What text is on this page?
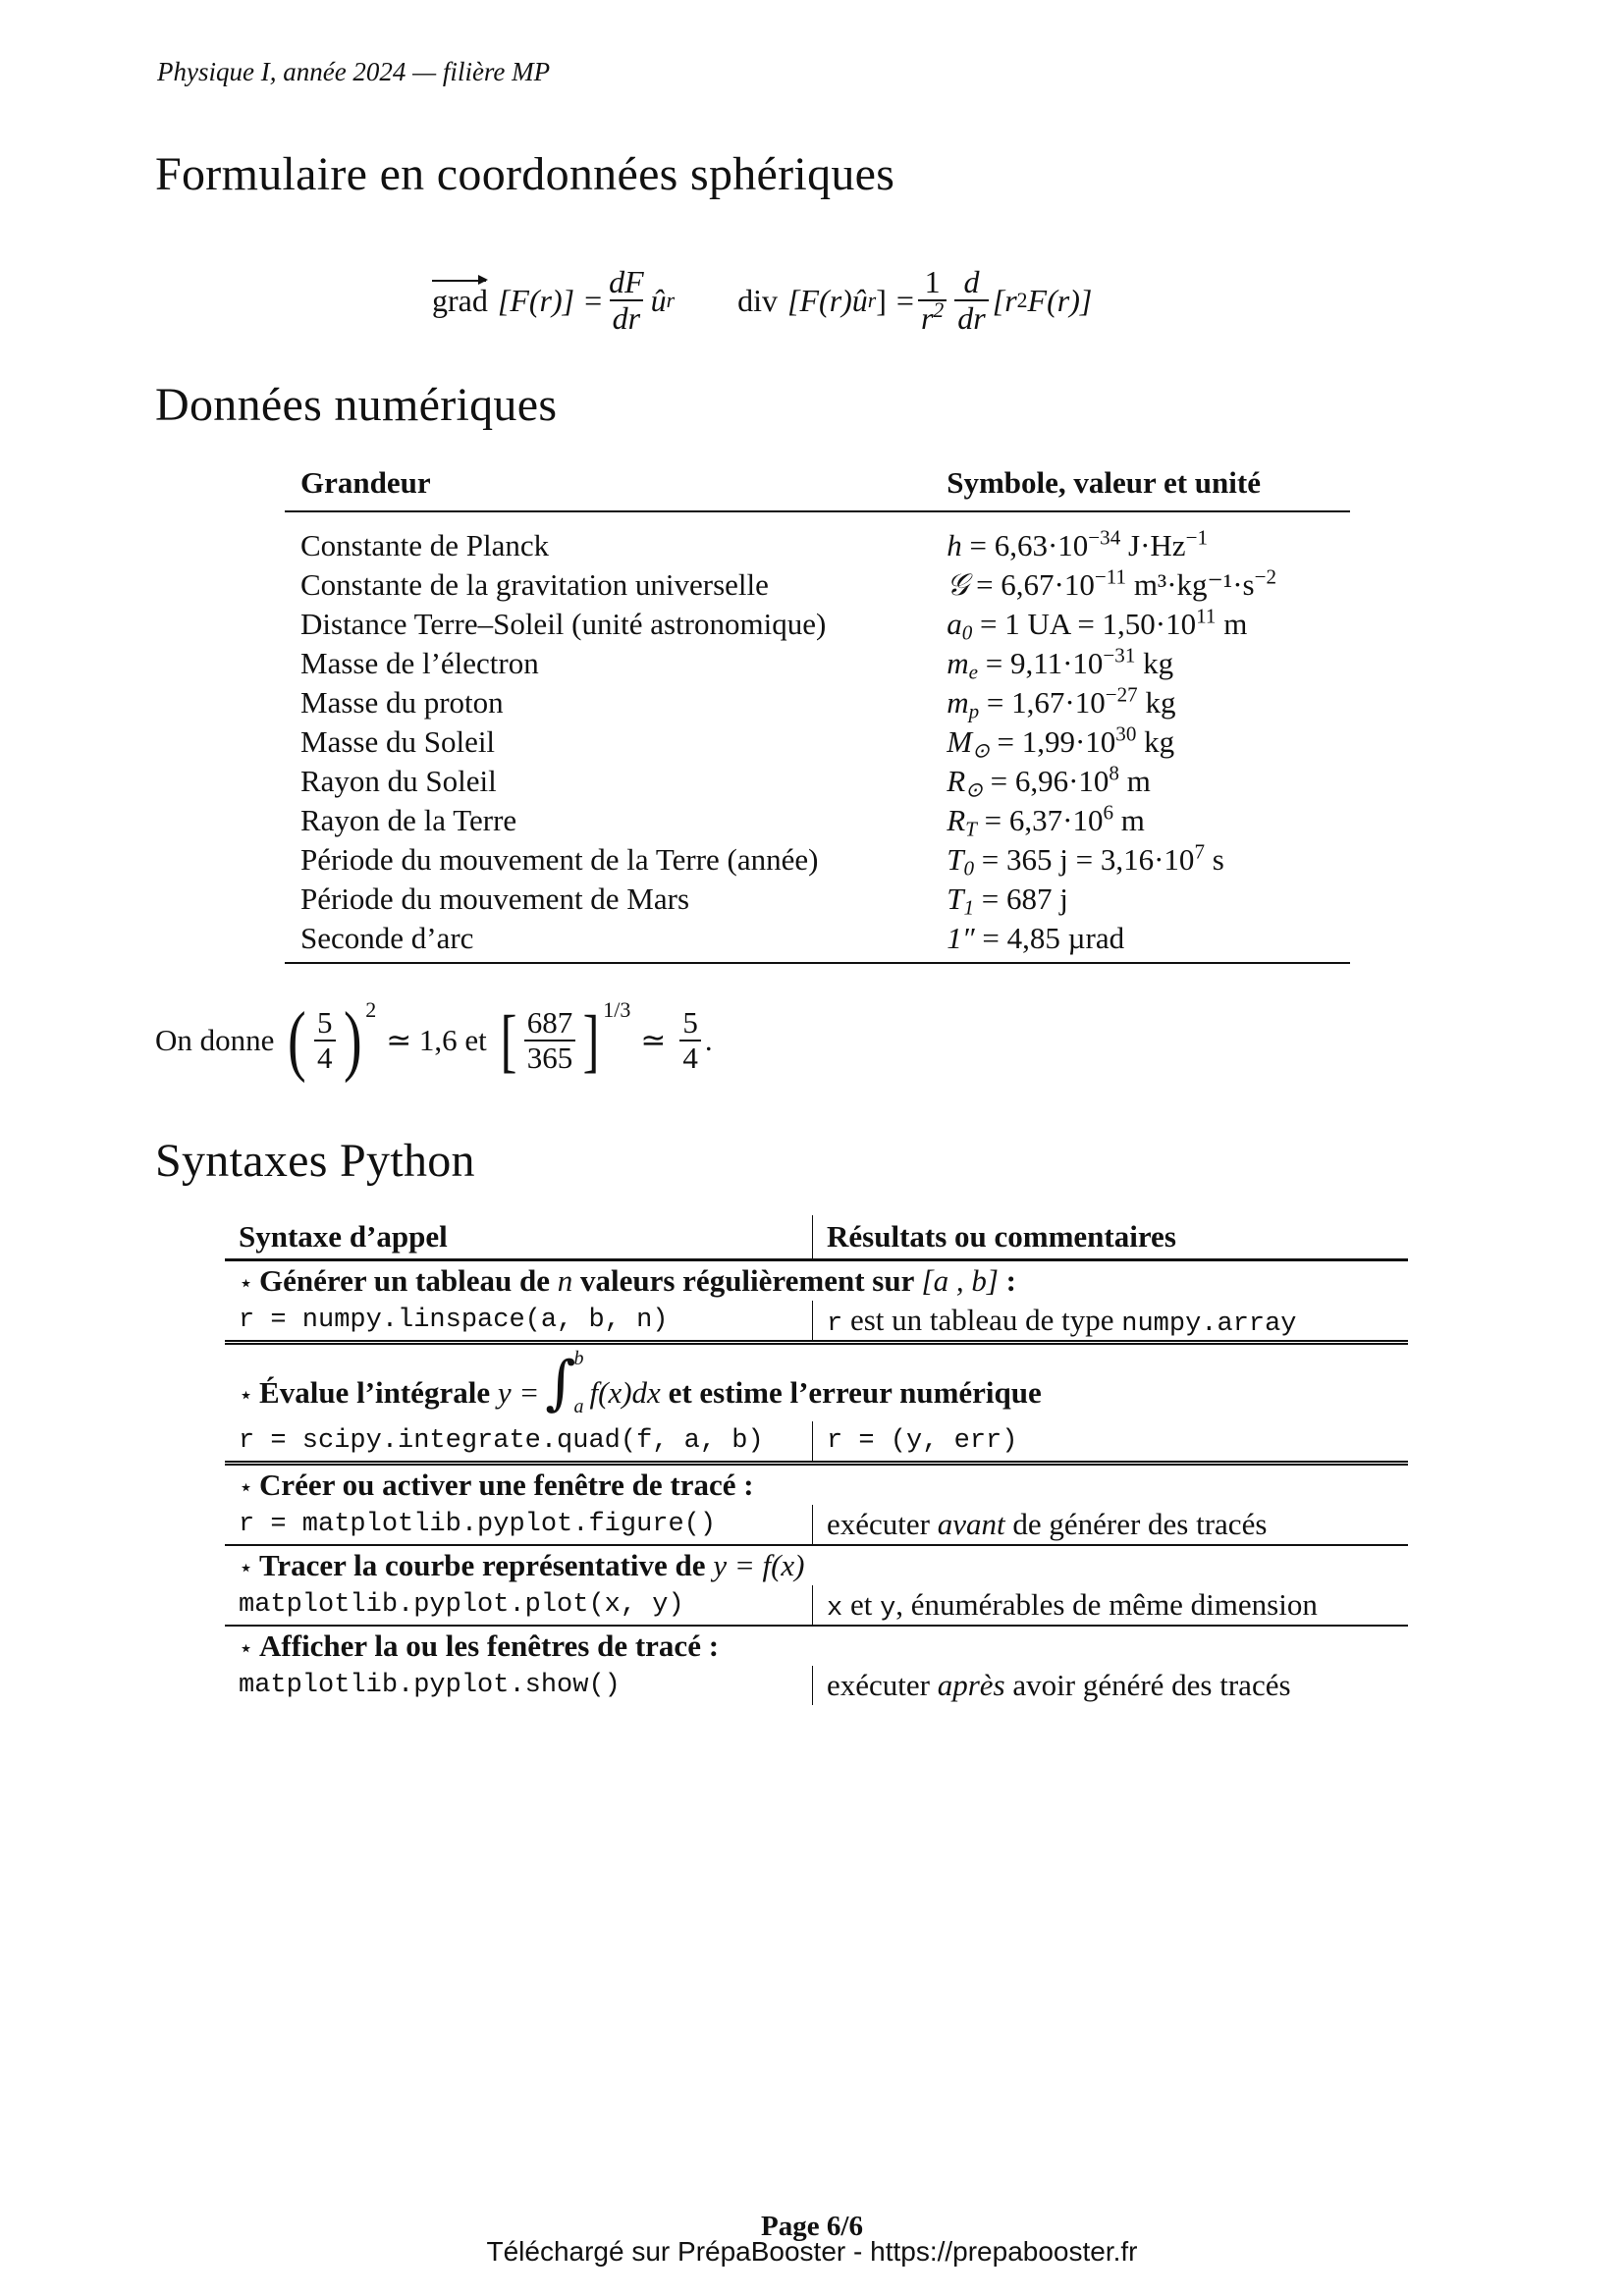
Physique I, année 2024 — filière MP
Formulaire en coordonnées sphériques
grad $[F(r)] = \frac{dF}{dr}$ û r div [F(r)û r ] = $\frac{1}{r^2} \frac{d}{dr} [r$ 2 F(r)]
Données numériques
Grandeur	Symbole, valeur et unité
Constante de Planck	$h = 6,63\cdot 10^{-34}$ $J\cdot Hz^{-1}$
Constante de la gravitation universelle	𝒢 = $6,67\cdot 10^{-11}$ $m^3\cdot kg^{-1}\cdot s^{-2}$
Distance Terre–Soleil (unité astronomique)	$a_0 = 1$ UA = $1,50\cdot 10^{11}$ m
Masse de l’électron	$m_e = 9,11\cdot 10^{-31}$ kg
Masse du proton	$m_p = 1,67\cdot 10^{-27}$ kg
Masse du Soleil	$M_⊙ = 1,99\cdot 10^{30}$ kg
Rayon du Soleil	$R_⊙ = 6,96\cdot 10^8$ m
Rayon de la Terre	$R_T = 6,37\cdot 10^6$ m
Période du mouvement de la Terre (année)	$T_0 = 365$ $j = 3,16\cdot 10^7$ s
Période du mouvement de Mars	$T_1 = 687$ j
Seconde d’arc	1″ = 4,85 µrad
On donne ( $\frac{5}{4}$ ) 2
≃ 1,6 et [ $\frac{687}{365}$ ] 1/3
≃ $\frac{5}{4}$ .
Syntaxes Python
Syntaxe d’appel	Résultats ou commentaires
⋆ Générer un tableau de n valeurs régulièrement sur [a , b] :	
r = numpy.linspace(a, b, n)	r est un tableau de type numpy.array
⋆ Évalue l’intégrale y = ∫
b
a f(x)dx et estime l’erreur numérique	
r = scipy.integrate.quad(f, a, b)	r = (y, err)
⋆ Créer ou activer une fenêtre de tracé :	
r = matplotlib.pyplot.figure()	exécuter avant de générer des tracés
⋆ Tracer la courbe représentative de y = f(x)	
matplotlib.pyplot.plot(x, y)	x et y, énumérables de même dimension
⋆ Afficher la ou les fenêtres de tracé :	
matplotlib.pyplot.show()	exécuter après avoir généré des tracés
Page 6/6
Téléchargé sur PrépaBooster - https://prepabooster.fr
